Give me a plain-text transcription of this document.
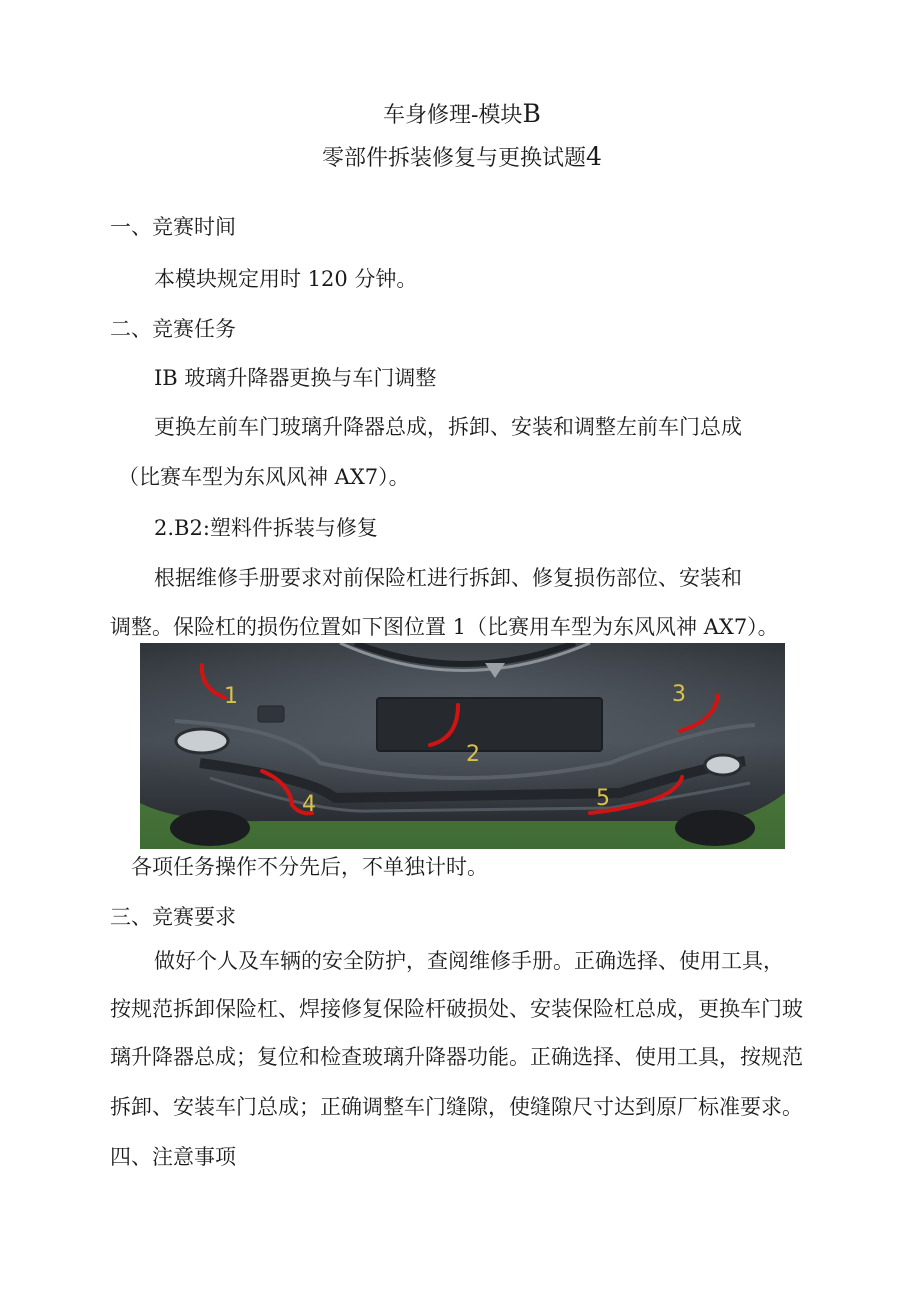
车身修理-模块B
零部件拆装修复与更换试题4
一、竞赛时间
本模块规定用时 120 分钟。
二、竞赛任务
IB 玻璃升降器更换与车门调整
更换左前车门玻璃升降器总成，拆卸、安装和调整左前车门总成
（比赛车型为东风风神 AX7）。
2.B2:塑料件拆装与修复
根据维修手册要求对前保险杠进行拆卸、修复损伤部位、安装和
调整。保险杠的损伤位置如下图位置 1（比赛用车型为东风风神 AX7）。
1
2
3
4	5
各项任务操作不分先后，不单独计时。
三、竞赛要求
做好个人及车辆的安全防护，查阅维修手册。正确选择、使用工具，
按规范拆卸保险杠、焊接修复保险杆破损处、安装保险杠总成，更换车门玻
璃升降器总成；复位和检查玻璃升降器功能。正确选择、使用工具，按规范
拆卸、安装车门总成；正确调整车门缝隙，使缝隙尺寸达到原厂标准要求。
四、注意事项
